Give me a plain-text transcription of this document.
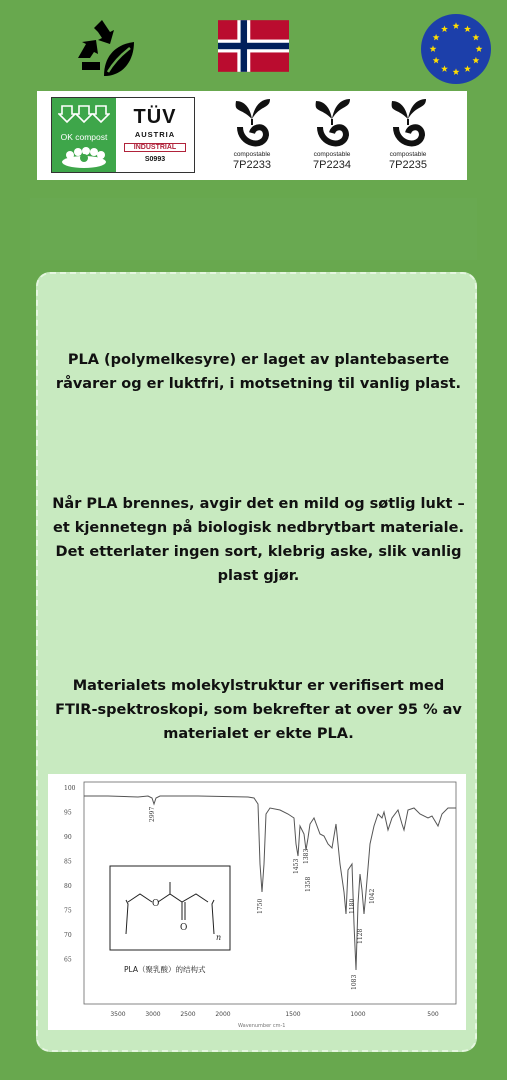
OK compost
TÜV
AUSTRIA
INDUSTRIAL
S0993
compostable
7P2233
compostable
7P2234
compostable
7P2235
PLA (polymelkesyre) er laget av plantebaserte råvarer og er luktfri, i motsetning til vanlig plast.
Når PLA brennes, avgir det en mild og søtlig lukt – et kjennetegn på biologisk nedbrytbart materiale. Det etterlater ingen sort, klebrig aske, slik vanlig plast gjør.
Materialets molekylstruktur er verifisert med FTIR-spektroskopi, som bekrefter at over 95 % av materialet er ekte PLA.
O
O
n
PLA（聚乳酸）的结构式
3500	3000	2500	2000	1500	1000	500
100
95
90
85
80
75
70
65
2997
1750
1453
1383
1358
1180
1128
1083
1042
Wavenumber cm-1
